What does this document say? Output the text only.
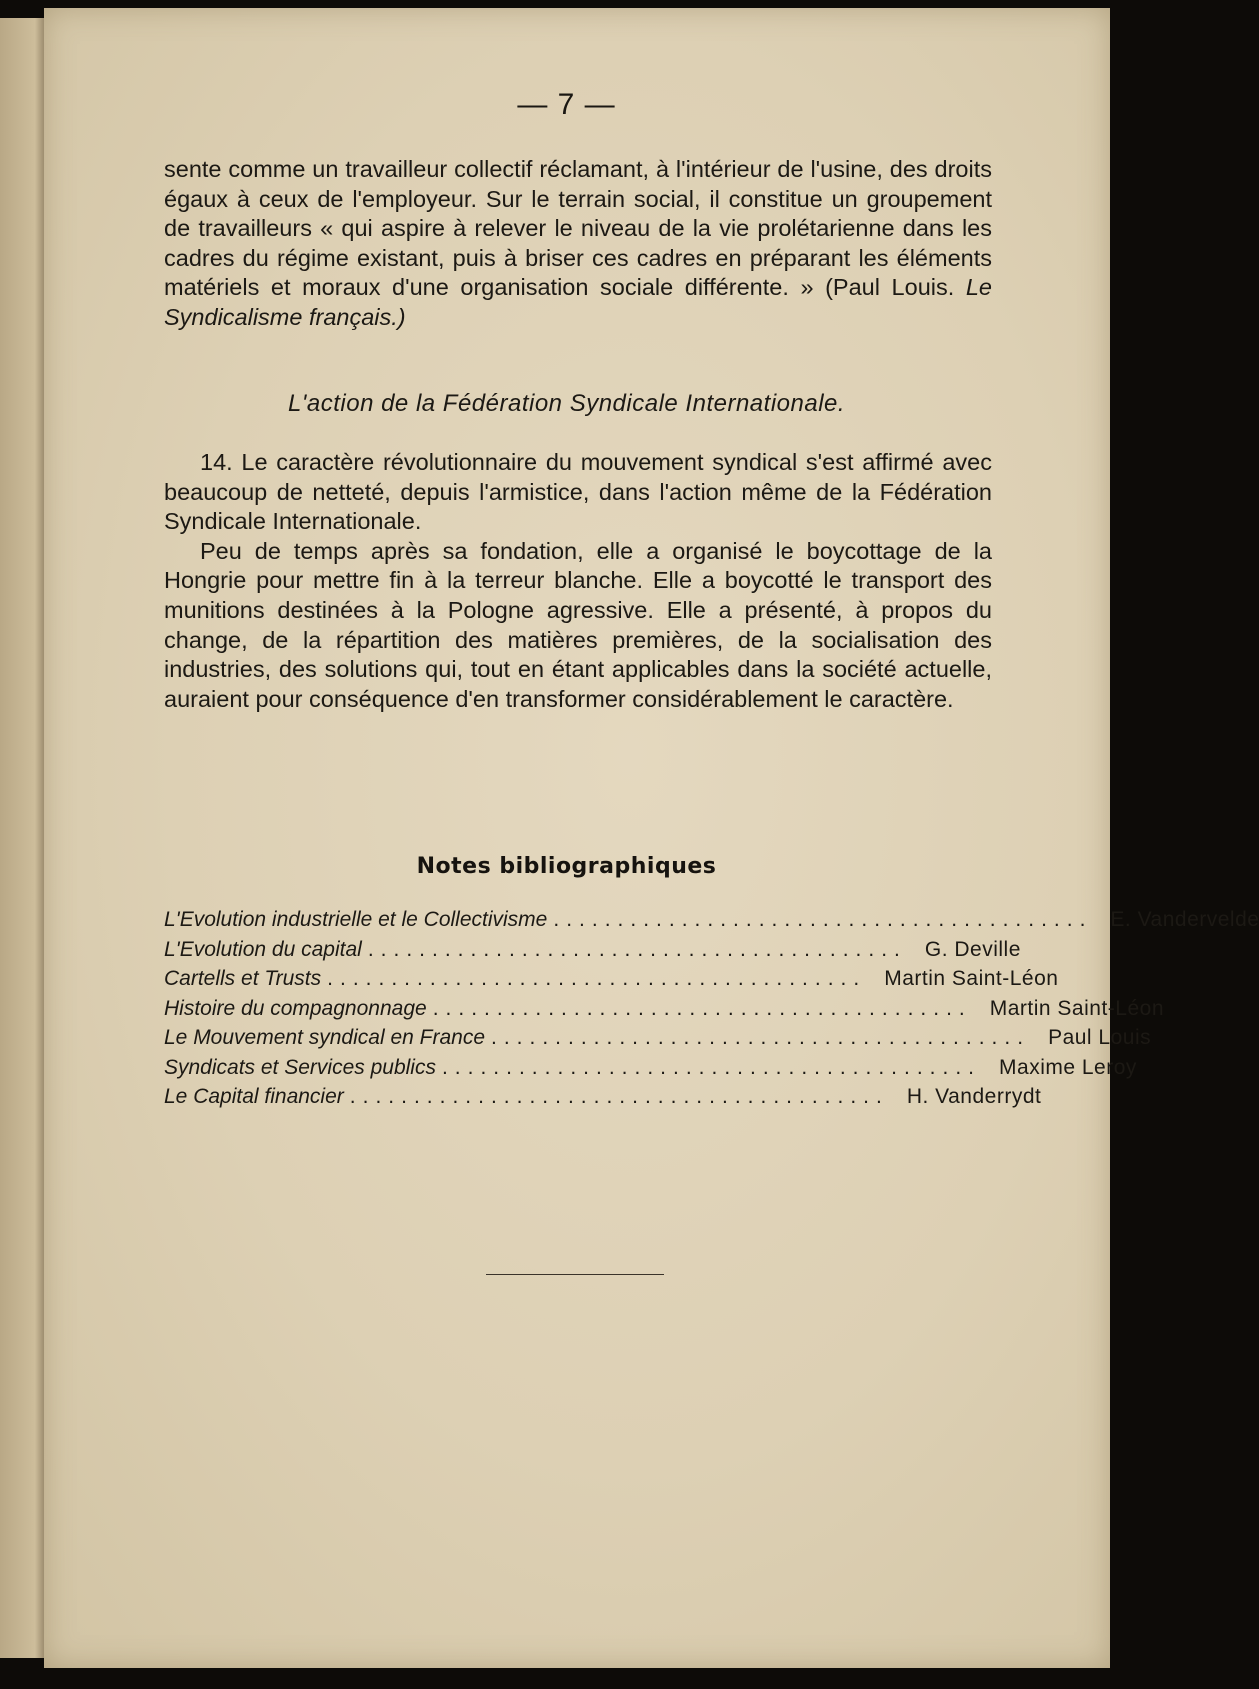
— 7 —

sente comme un travailleur collectif réclamant, à l'intérieur de l'usine, des droits égaux à ceux de l'employeur. Sur le terrain social, il constitue un groupement de travailleurs « qui aspire à relever le niveau de la vie prolétarienne dans les cadres du régime existant, puis à briser ces cadres en préparant les éléments matériels et moraux d'une organisation sociale différente. » (Paul Louis. Le Syndicalisme français.)

L'action de la Fédération Syndicale Internationale.

14. Le caractère révolutionnaire du mouvement syndical s'est affirmé avec beaucoup de netteté, depuis l'armistice, dans l'action même de la Fédération Syndicale Internationale.

Peu de temps après sa fondation, elle a organisé le boycottage de la Hongrie pour mettre fin à la terreur blanche. Elle a boycotté le transport des munitions destinées à la Pologne agressive. Elle a présenté, à propos du change, de la répartition des matières premières, de la socialisation des industries, des solutions qui, tout en étant applicables dans la société actuelle, auraient pour conséquence d'en transformer considérablement le caractère.

Notes bibliographiques
L'Evolution industrielle et le Collectivisme .......................................... E. Vandervelde
L'Evolution du capital .......................................... G. Deville
Cartells et Trusts .......................................... Martin Saint-Léon
Histoire du compagnonnage .......................................... Martin Saint-Léon
Le Mouvement syndical en France .......................................... Paul Louis
Syndicats et Services publics .......................................... Maxime Leroy
Le Capital financier .......................................... H. Vanderrydt
